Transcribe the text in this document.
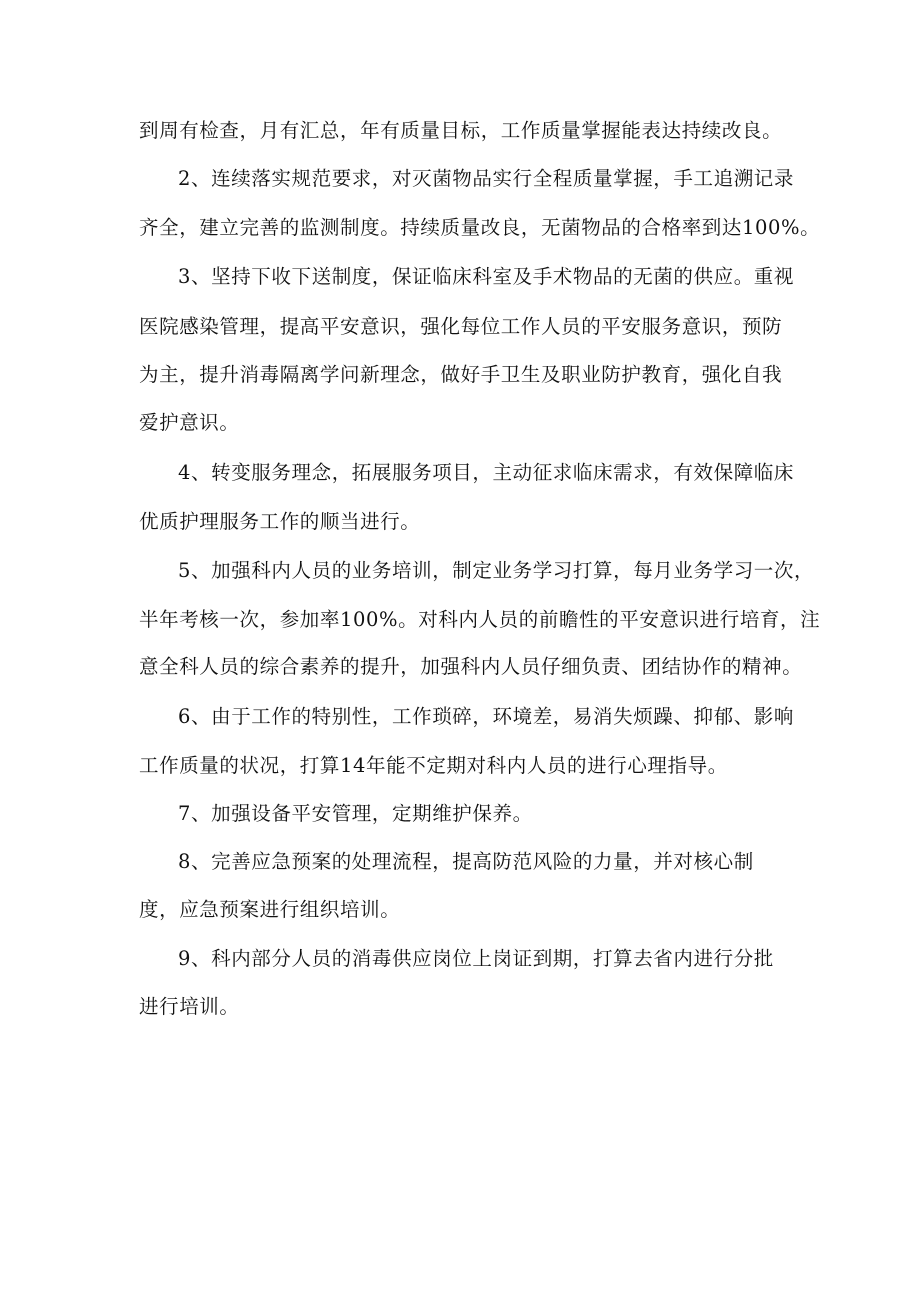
到周有检查，月有汇总，年有质量目标，工作质量掌握能表达持续改良。
2、连续落实规范要求，对灭菌物品实行全程质量掌握，手工追溯记录
齐全，建立完善的监测制度。持续质量改良，无菌物品的合格率到达100%。
3、坚持下收下送制度，保证临床科室及手术物品的无菌的供应。重视
医院感染管理，提高平安意识，强化每位工作人员的平安服务意识，预防
为主，提升消毒隔离学问新理念，做好手卫生及职业防护教育，强化自我
爱护意识。
4、转变服务理念，拓展服务项目，主动征求临床需求，有效保障临床
优质护理服务工作的顺当进行。
5、加强科内人员的业务培训，制定业务学习打算，每月业务学习一次，
半年考核一次，参加率100%。对科内人员的前瞻性的平安意识进行培育，注
意全科人员的综合素养的提升，加强科内人员仔细负责、团结协作的精神。
6、由于工作的特别性，工作琐碎，环境差，易消失烦躁、抑郁、影响
工作质量的状况，打算14年能不定期对科内人员的进行心理指导。
7、加强设备平安管理，定期维护保养。
8、完善应急预案的处理流程，提高防范风险的力量，并对核心制
度，应急预案进行组织培训。
9、科内部分人员的消毒供应岗位上岗证到期，打算去省内进行分批
进行培训。
